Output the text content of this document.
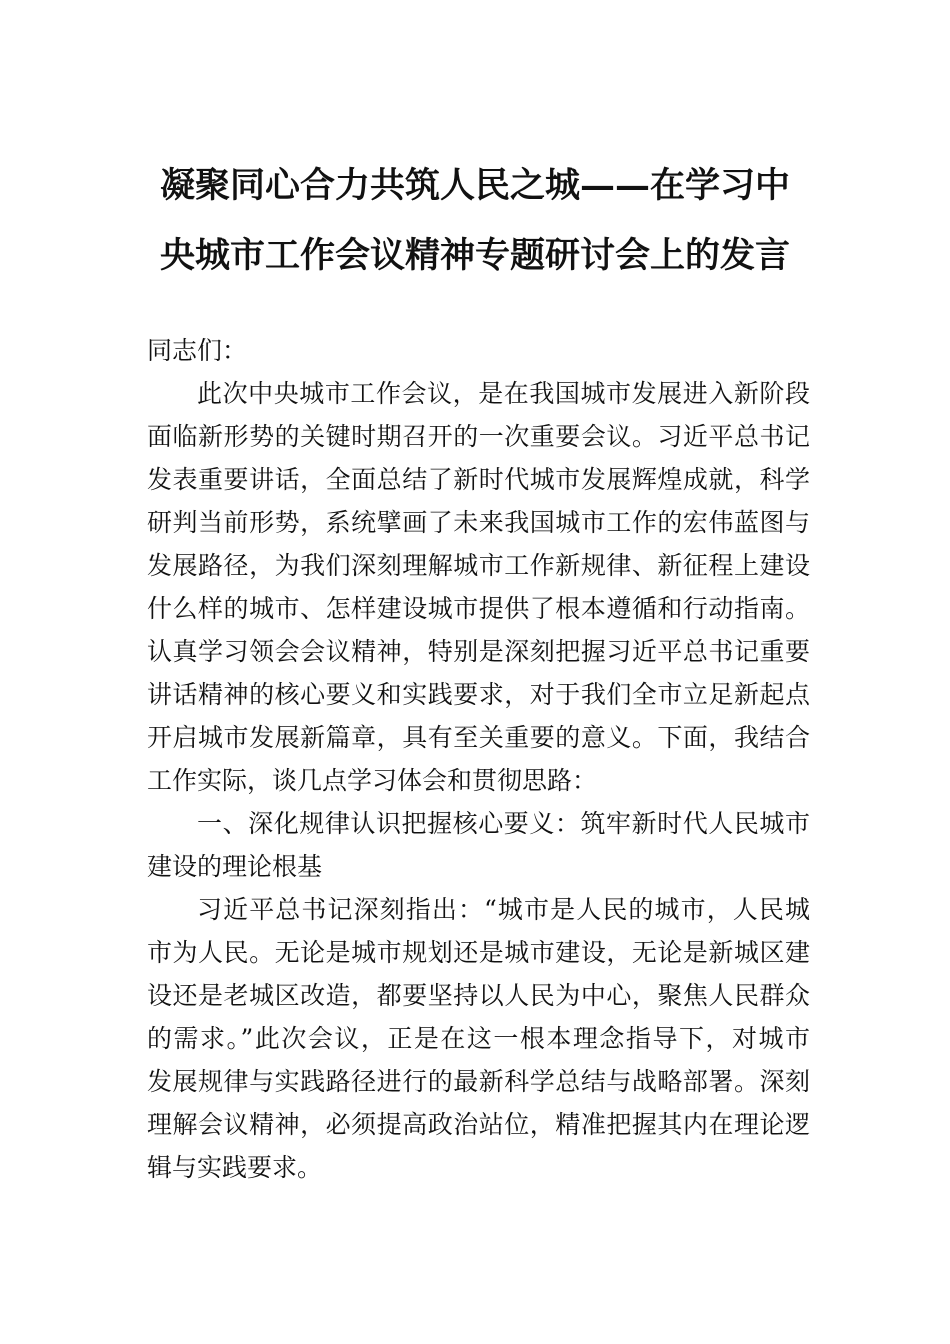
凝聚同心合力共筑人民之城——在学习中
央城市工作会议精神专题研讨会上的发言
同志们：
此次中央城市工作会议，是在我国城市发展进入新阶段
面临新形势的关键时期召开的一次重要会议。习近平总书记
发表重要讲话，全面总结了新时代城市发展辉煌成就，科学
研判当前形势，系统擘画了未来我国城市工作的宏伟蓝图与
发展路径，为我们深刻理解城市工作新规律、新征程上建设
什么样的城市、怎样建设城市提供了根本遵循和行动指南。
认真学习领会会议精神，特别是深刻把握习近平总书记重要
讲话精神的核心要义和实践要求，对于我们全市立足新起点
开启城市发展新篇章，具有至关重要的意义。下面，我结合
工作实际，谈几点学习体会和贯彻思路：
一、深化规律认识把握核心要义：筑牢新时代人民城市
建设的理论根基
习近平总书记深刻指出：“城市是人民的城市，人民城
市为人民。无论是城市规划还是城市建设，无论是新城区建
设还是老城区改造，都要坚持以人民为中心，聚焦人民群众
的需求。”此次会议，正是在这一根本理念指导下，对城市
发展规律与实践路径进行的最新科学总结与战略部署。深刻
理解会议精神，必须提高政治站位，精准把握其内在理论逻
辑与实践要求。
